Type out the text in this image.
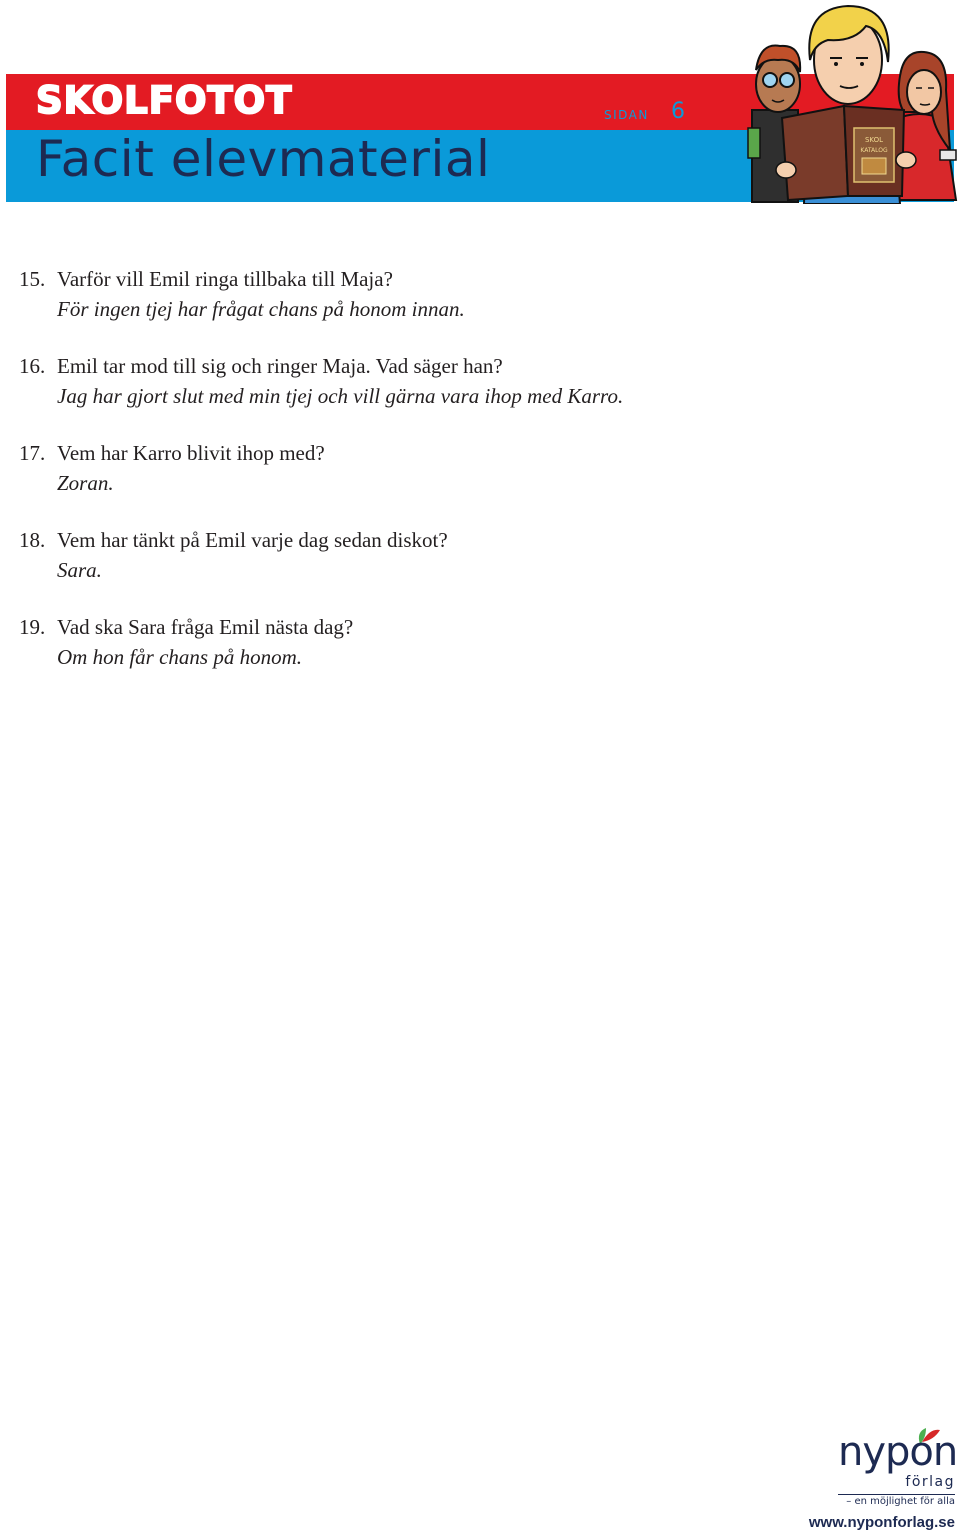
SKOLFOTOT
Facit elevmaterial
sidan 6
SKOL
KATALOG
15. Varför vill Emil ringa tillbaka till Maja?
För ingen tjej har frågat chans på honom innan.
16. Emil tar mod till sig och ringer Maja. Vad säger han?
Jag har gjort slut med min tjej och vill gärna vara ihop med Karro.
17. Vem har Karro blivit ihop med?
Zoran.
18. Vem har tänkt på Emil varje dag sedan diskot?
Sara.
19. Vad ska Sara fråga Emil nästa dag?
Om hon får chans på honom.
nypon
förlag
– en möjlighet för alla
www.nyponforlag.se
